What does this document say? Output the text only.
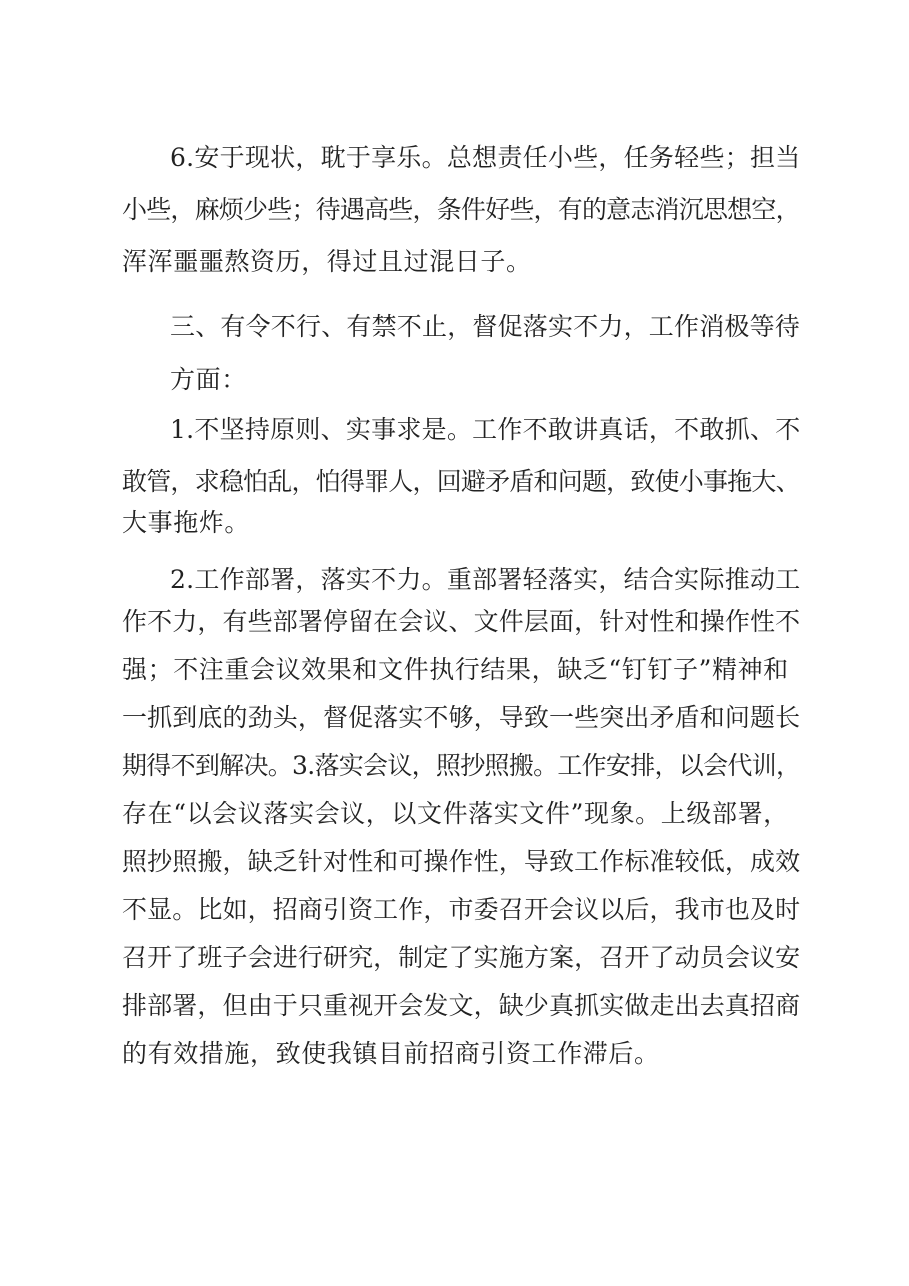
6.安于现状，耽于享乐。总想责任小些，任务轻些；担当
小些，麻烦少些；待遇高些，条件好些，有的意志消沉思想空，
浑浑噩噩熬资历，得过且过混日子。
三、有令不行、有禁不止，督促落实不力，工作消极等待
方面：
1.不坚持原则、实事求是。工作不敢讲真话，不敢抓、不
敢管，求稳怕乱，怕得罪人，回避矛盾和问题，致使小事拖大、
大事拖炸。
2.工作部署，落实不力。重部署轻落实，结合实际推动工
作不力，有些部署停留在会议、文件层面，针对性和操作性不
强；不注重会议效果和文件执行结果，缺乏“钉钉子”精神和
一抓到底的劲头，督促落实不够，导致一些突出矛盾和问题长
期得不到解决。3.落实会议，照抄照搬。工作安排，以会代训，
存在“以会议落实会议，以文件落实文件”现象。上级部署，
照抄照搬，缺乏针对性和可操作性，导致工作标准较低，成效
不显。比如，招商引资工作，市委召开会议以后，我市也及时
召开了班子会进行研究，制定了实施方案，召开了动员会议安
排部署，但由于只重视开会发文，缺少真抓实做走出去真招商
的有效措施，致使我镇目前招商引资工作滞后。
